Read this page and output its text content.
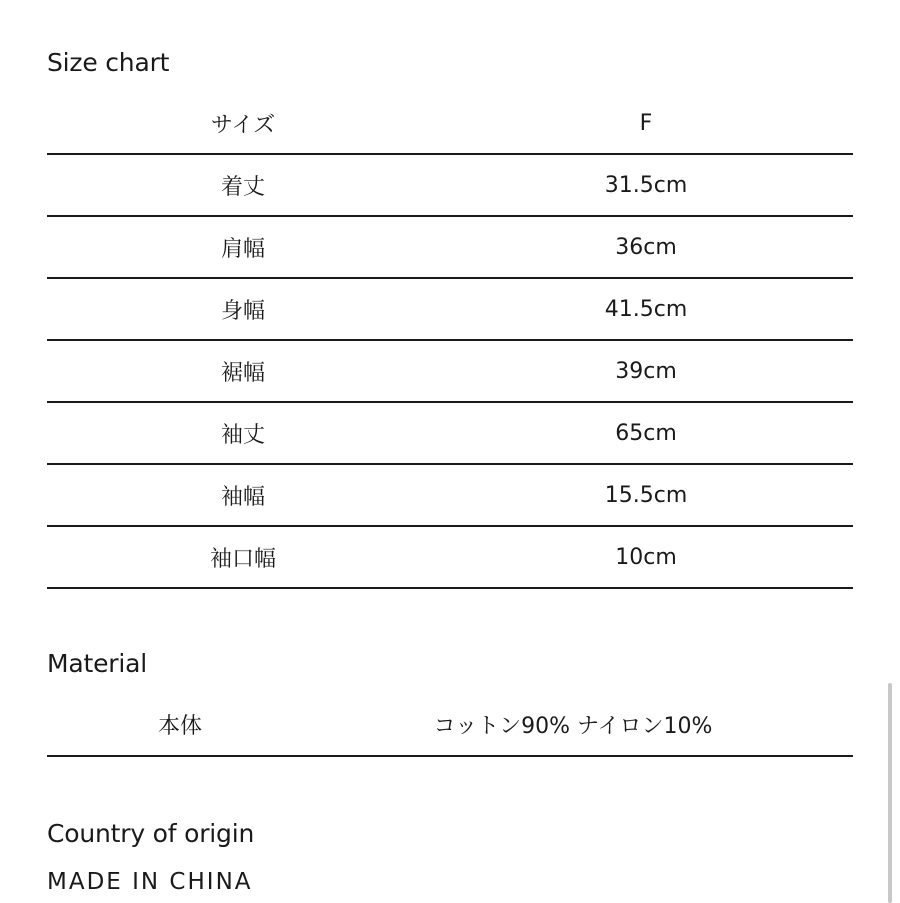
Size chart
サイズ	F
着丈	31.5cm
肩幅	36cm
身幅	41.5cm
裾幅	39cm
袖丈	65cm
袖幅	15.5cm
袖口幅	10cm
Material
本体	コットン90% ナイロン10%
Country of origin

MADE IN CHINA
